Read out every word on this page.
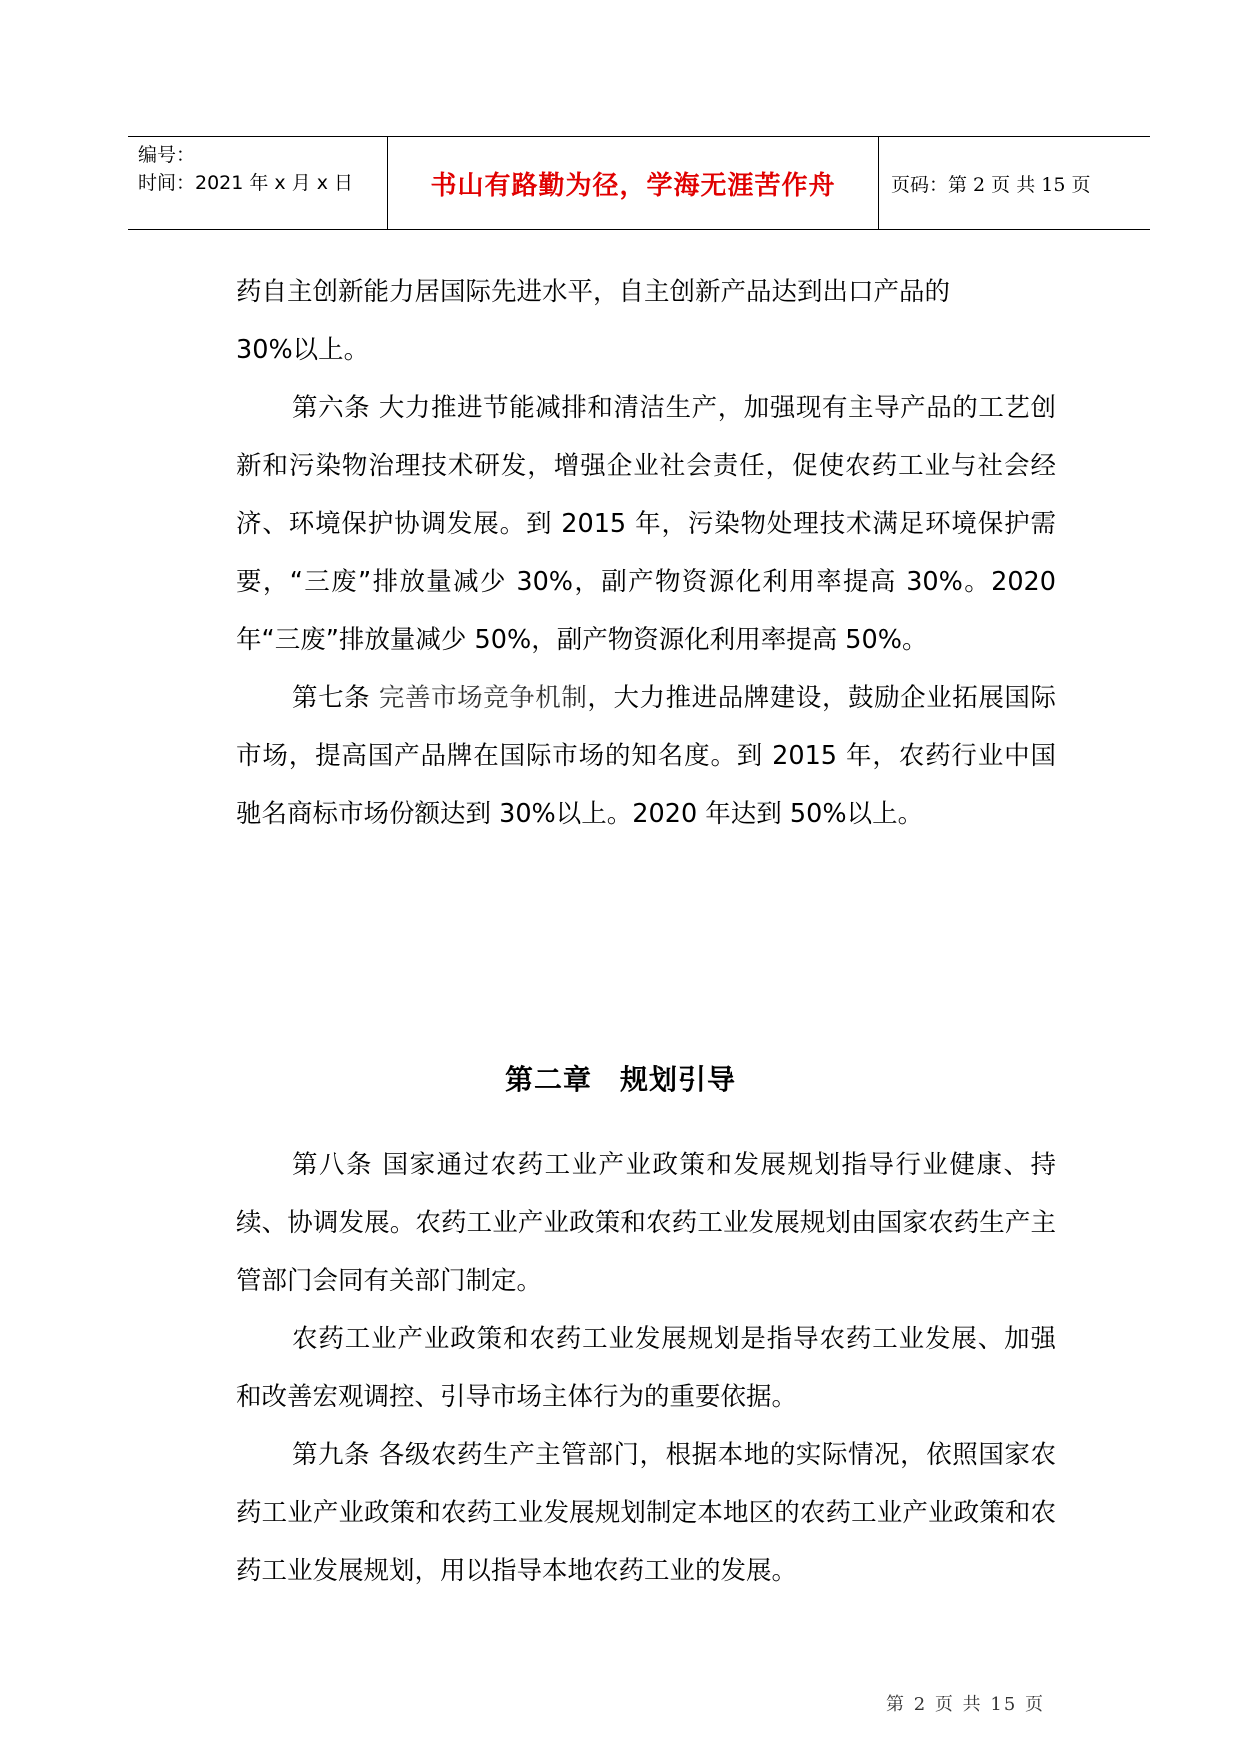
编号：
时间：2021 年 x 月 x 日	书山有路勤为径，学海无涯苦作舟	页码：第 2 页 共 15 页

药自主创新能力居国际先进水平，自主创新产品达到出口产品的

30%以上。

第六条 大力推进节能减排和清洁生产，加强现有主导产品的工艺创新和污染物治理技术研发，增强企业社会责任，促使农药工业与社会经济、环境保护协调发展。到 2015 年，污染物处理技术满足环境保护需要，“三废”排放量减少 30%，副产物资源化利用率提高 30%。2020 年“三废”排放量减少 50%，副产物资源化利用率提高 50%。

第七条 完善市场竞争机制，大力推进品牌建设，鼓励企业拓展国际市场，提高国产品牌在国际市场的知名度。到 2015 年，农药行业中国驰名商标市场份额达到 30%以上。2020 年达到 50%以上。

第二章 规划引导

第八条 国家通过农药工业产业政策和发展规划指导行业健康、持续、协调发展。农药工业产业政策和农药工业发展规划由国家农药生产主管部门会同有关部门制定。

农药工业产业政策和农药工业发展规划是指导农药工业发展、加强和改善宏观调控、引导市场主体行为的重要依据。

第九条 各级农药生产主管部门，根据本地的实际情况，依照国家农药工业产业政策和农药工业发展规划制定本地区的农药工业产业政策和农药工业发展规划，用以指导本地农药工业的发展。

第 2 页 共 15 页
